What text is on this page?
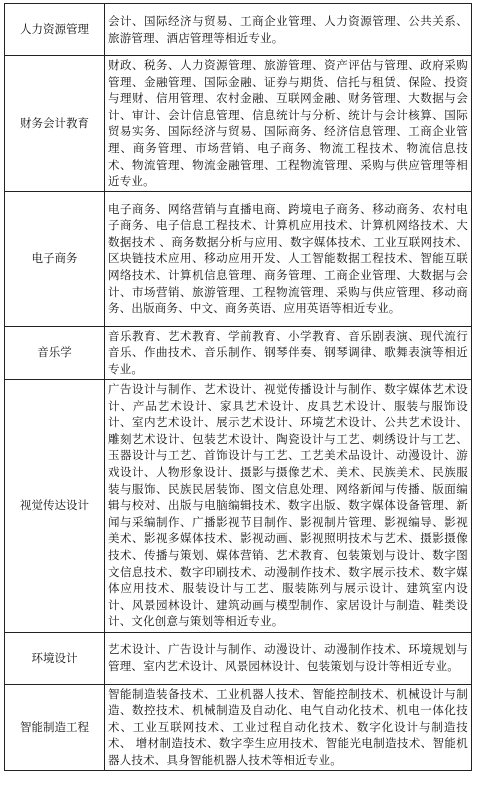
人力资源管理	会计、国际经济与贸易、工商企业管理、人力资源管理、公共关系、旅游管理、酒店管理等相近专业。
财务会计教育	财政、税务、人力资源管理、旅游管理、资产评估与管理、政府采购管理、金融管理、国际金融、证券与期货、信托与租赁、保险、投资与理财、信用管理、农村金融、互联网金融、财务管理、大数据与会计、审计、会计信息管理、信息统计与分析、统计与会计核算、国际贸易实务、国际经济与贸易、国际商务、经济信息管理、工商企业管理、商务管理、市场营销、电子商务、物流工程技术、物流信息技术、物流管理、物流金融管理、工程物流管理、采购与供应管理等相近专业。
电子商务	电子商务、网络营销与直播电商、跨境电子商务、移动商务、农村电子商务、电子信息工程技术、计算机应用技术、计算机网络技术、大数据技术 、商务数据分析与应用、数字媒体技术、工业互联网技术、区块链技术应用、移动应用开发、人工智能数据工程技术、智能互联网络技术、计算机信息管理、商务管理、工商企业管理、大数据与会计、市场营销、旅游管理、工程物流管理、采购与供应管理、移动商务、出版商务、中文、商务英语、应用英语等相近专业。
音乐学	音乐教育、艺术教育、学前教育、小学教育、音乐剧表演、现代流行音乐、作曲技术、音乐制作、钢琴伴奏、钢琴调律、歌舞表演等相近专业。
视觉传达设计	广告设计与制作、艺术设计、视觉传播设计与制作、数字媒体艺术设计、产品艺术设计、家具艺术设计、皮具艺术设计、服装与服饰设计、室内艺术设计、展示艺术设计、环境艺术设计、公共艺术设计、雕刻艺术设计、包装艺术设计、陶瓷设计与工艺、刺绣设计与工艺、玉器设计与工艺、首饰设计与工艺、工艺美术品设计、动漫设计、游戏设计、人物形象设计、摄影与摄像艺术、美术、民族美术、民族服装与服饰、民族民居装饰、图文信息处理、网络新闻与传播、版面编辑与校对、出版与电脑编辑技术、数字出版、数字媒体设备管理、新闻与采编制作、广播影视节目制作、影视制片管理、影视编导、影视美术、影视多媒体技术、影视动画、影视照明技术与艺术、摄影摄像技术、传播与策划、媒体营销、艺术教育、包装策划与设计、数字图文信息技术、数字印刷技术、动漫制作技术、数字展示技术、数字媒体应用技术、服装设计与工艺、服装陈列与展示设计、建筑室内设计、风景园林设计、建筑动画与模型制作、家居设计与制造、鞋类设计、文化创意与策划等相近专业。
环境设计	艺术设计、广告设计与制作、动漫设计、动漫制作技术、环境规划与管理、室内艺术设计、风景园林设计、包装策划与设计等相近专业。
智能制造工程	智能制造装备技术、工业机器人技术、智能控制技术、机械设计与制造、数控技术、机械制造及自动化、电气自动化技术、机电一体化技术、工业互联网技术、工业过程自动化技术、数字化设计与制造技术、 增材制造技术、数字孪生应用技术、智能光电制造技术、智能机器人技术、具身智能机器人技术等相近专业。
